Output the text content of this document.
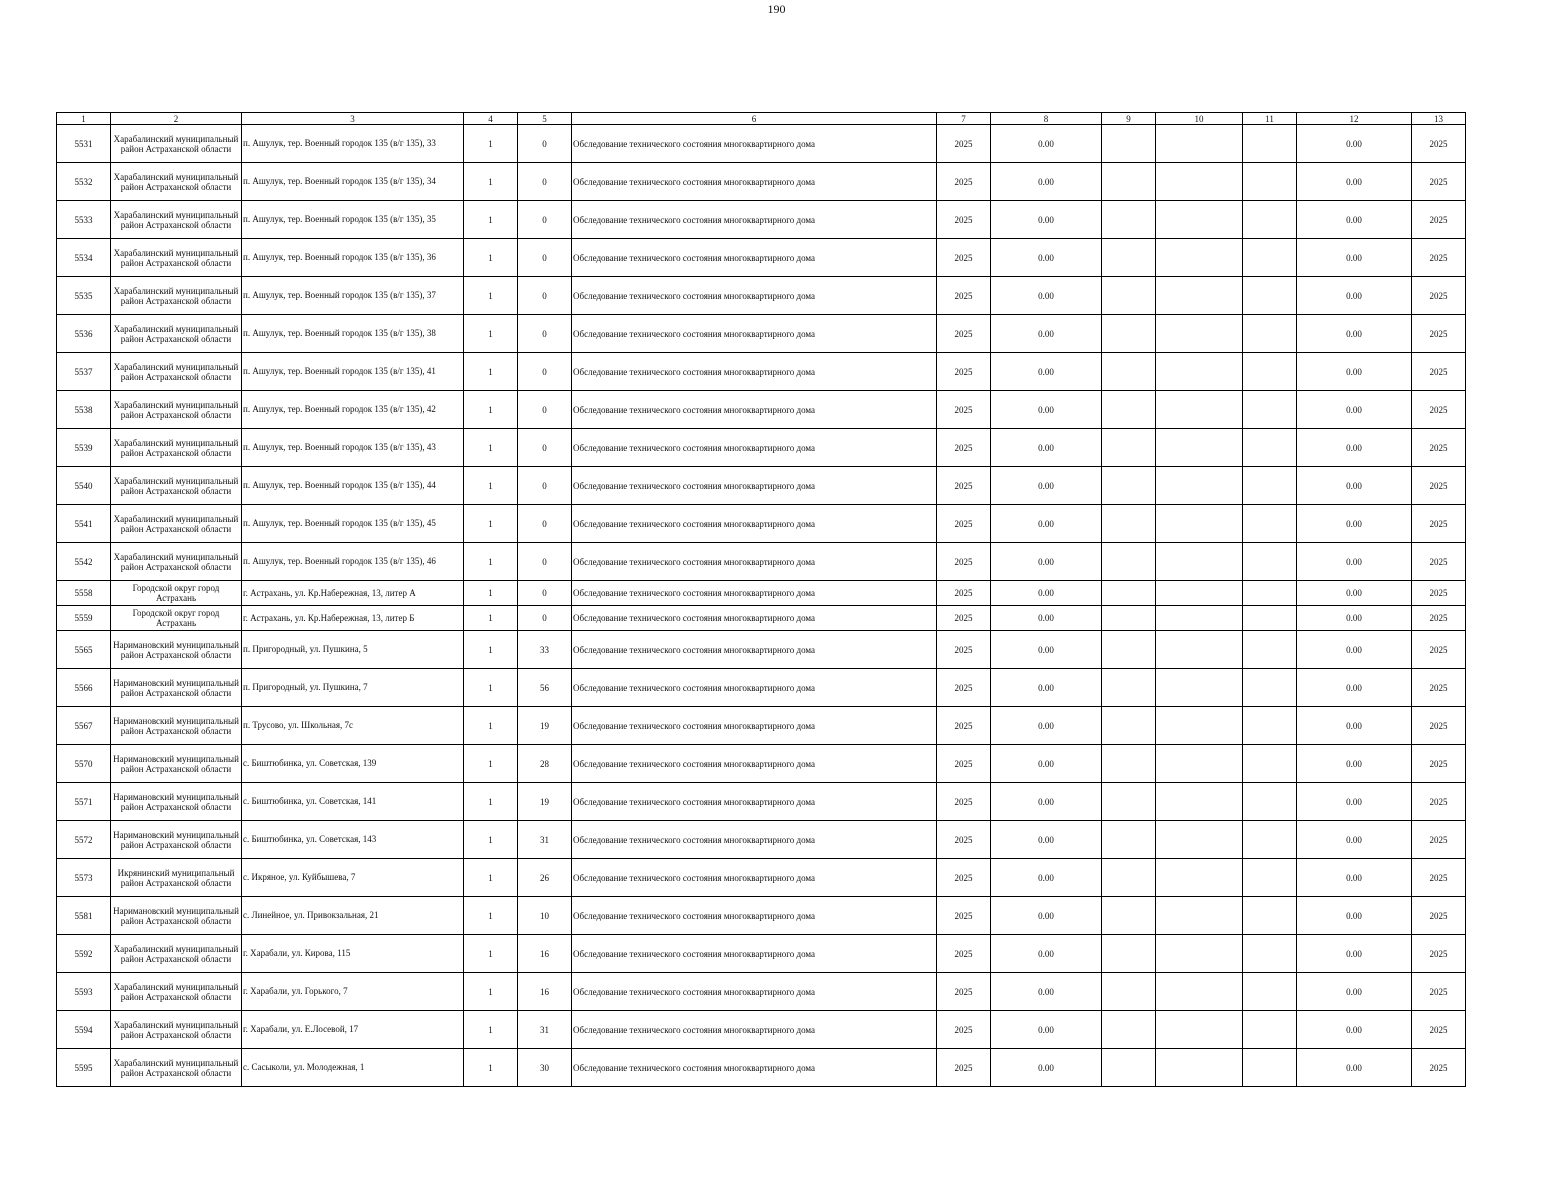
190
1	2	3	4	5	6	7	8	9	10	11	12	13
5531	Харабалинский муниципальный район Астраханской области	п. Ашулук, тер. Военный городок 135 (в/г 135), 33	1	0	Обследование технического состояния многоквартирного дома	2025	0.00				0.00	2025
5532	Харабалинский муниципальный район Астраханской области	п. Ашулук, тер. Военный городок 135 (в/г 135), 34	1	0	Обследование технического состояния многоквартирного дома	2025	0.00				0.00	2025
5533	Харабалинский муниципальный район Астраханской области	п. Ашулук, тер. Военный городок 135 (в/г 135), 35	1	0	Обследование технического состояния многоквартирного дома	2025	0.00				0.00	2025
5534	Харабалинский муниципальный район Астраханской области	п. Ашулук, тер. Военный городок 135 (в/г 135), 36	1	0	Обследование технического состояния многоквартирного дома	2025	0.00				0.00	2025
5535	Харабалинский муниципальный район Астраханской области	п. Ашулук, тер. Военный городок 135 (в/г 135), 37	1	0	Обследование технического состояния многоквартирного дома	2025	0.00				0.00	2025
5536	Харабалинский муниципальный район Астраханской области	п. Ашулук, тер. Военный городок 135 (в/г 135), 38	1	0	Обследование технического состояния многоквартирного дома	2025	0.00				0.00	2025
5537	Харабалинский муниципальный район Астраханской области	п. Ашулук, тер. Военный городок 135 (в/г 135), 41	1	0	Обследование технического состояния многоквартирного дома	2025	0.00				0.00	2025
5538	Харабалинский муниципальный район Астраханской области	п. Ашулук, тер. Военный городок 135 (в/г 135), 42	1	0	Обследование технического состояния многоквартирного дома	2025	0.00				0.00	2025
5539	Харабалинский муниципальный район Астраханской области	п. Ашулук, тер. Военный городок 135 (в/г 135), 43	1	0	Обследование технического состояния многоквартирного дома	2025	0.00				0.00	2025
5540	Харабалинский муниципальный район Астраханской области	п. Ашулук, тер. Военный городок 135 (в/г 135), 44	1	0	Обследование технического состояния многоквартирного дома	2025	0.00				0.00	2025
5541	Харабалинский муниципальный район Астраханской области	п. Ашулук, тер. Военный городок 135 (в/г 135), 45	1	0	Обследование технического состояния многоквартирного дома	2025	0.00				0.00	2025
5542	Харабалинский муниципальный район Астраханской области	п. Ашулук, тер. Военный городок 135 (в/г 135), 46	1	0	Обследование технического состояния многоквартирного дома	2025	0.00				0.00	2025
5558	Городской округ город Астрахань	г. Астрахань, ул. Кр.Набережная, 13, литер А	1	0	Обследование технического состояния многоквартирного дома	2025	0.00				0.00	2025
5559	Городской округ город Астрахань	г. Астрахань, ул. Кр.Набережная, 13, литер Б	1	0	Обследование технического состояния многоквартирного дома	2025	0.00				0.00	2025
5565	Наримановский муниципальный район Астраханской области	п. Пригородный, ул. Пушкина, 5	1	33	Обследование технического состояния многоквартирного дома	2025	0.00				0.00	2025
5566	Наримановский муниципальный район Астраханской области	п. Пригородный, ул. Пушкина, 7	1	56	Обследование технического состояния многоквартирного дома	2025	0.00				0.00	2025
5567	Наримановский муниципальный район Астраханской области	п. Трусово, ул. Школьная, 7с	1	19	Обследование технического состояния многоквартирного дома	2025	0.00				0.00	2025
5570	Наримановский муниципальный район Астраханской области	с. Биштюбинка, ул. Советская, 139	1	28	Обследование технического состояния многоквартирного дома	2025	0.00				0.00	2025
5571	Наримановский муниципальный район Астраханской области	с. Биштюбинка, ул. Советская, 141	1	19	Обследование технического состояния многоквартирного дома	2025	0.00				0.00	2025
5572	Наримановский муниципальный район Астраханской области	с. Биштюбинка, ул. Советская, 143	1	31	Обследование технического состояния многоквартирного дома	2025	0.00				0.00	2025
5573	Икрянинский муниципальный район Астраханской области	с. Икряное, ул. Куйбышева, 7	1	26	Обследование технического состояния многоквартирного дома	2025	0.00				0.00	2025
5581	Наримановский муниципальный район Астраханской области	с. Линейное, ул. Привокзальная, 21	1	10	Обследование технического состояния многоквартирного дома	2025	0.00				0.00	2025
5592	Харабалинский муниципальный район Астраханской области	г. Харабали, ул. Кирова, 115	1	16	Обследование технического состояния многоквартирного дома	2025	0.00				0.00	2025
5593	Харабалинский муниципальный район Астраханской области	г. Харабали, ул. Горького, 7	1	16	Обследование технического состояния многоквартирного дома	2025	0.00				0.00	2025
5594	Харабалинский муниципальный район Астраханской области	г. Харабали, ул. Е.Лосевой, 17	1	31	Обследование технического состояния многоквартирного дома	2025	0.00				0.00	2025
5595	Харабалинский муниципальный район Астраханской области	с. Сасыколи, ул. Молодежная, 1	1	30	Обследование технического состояния многоквартирного дома	2025	0.00				0.00	2025
